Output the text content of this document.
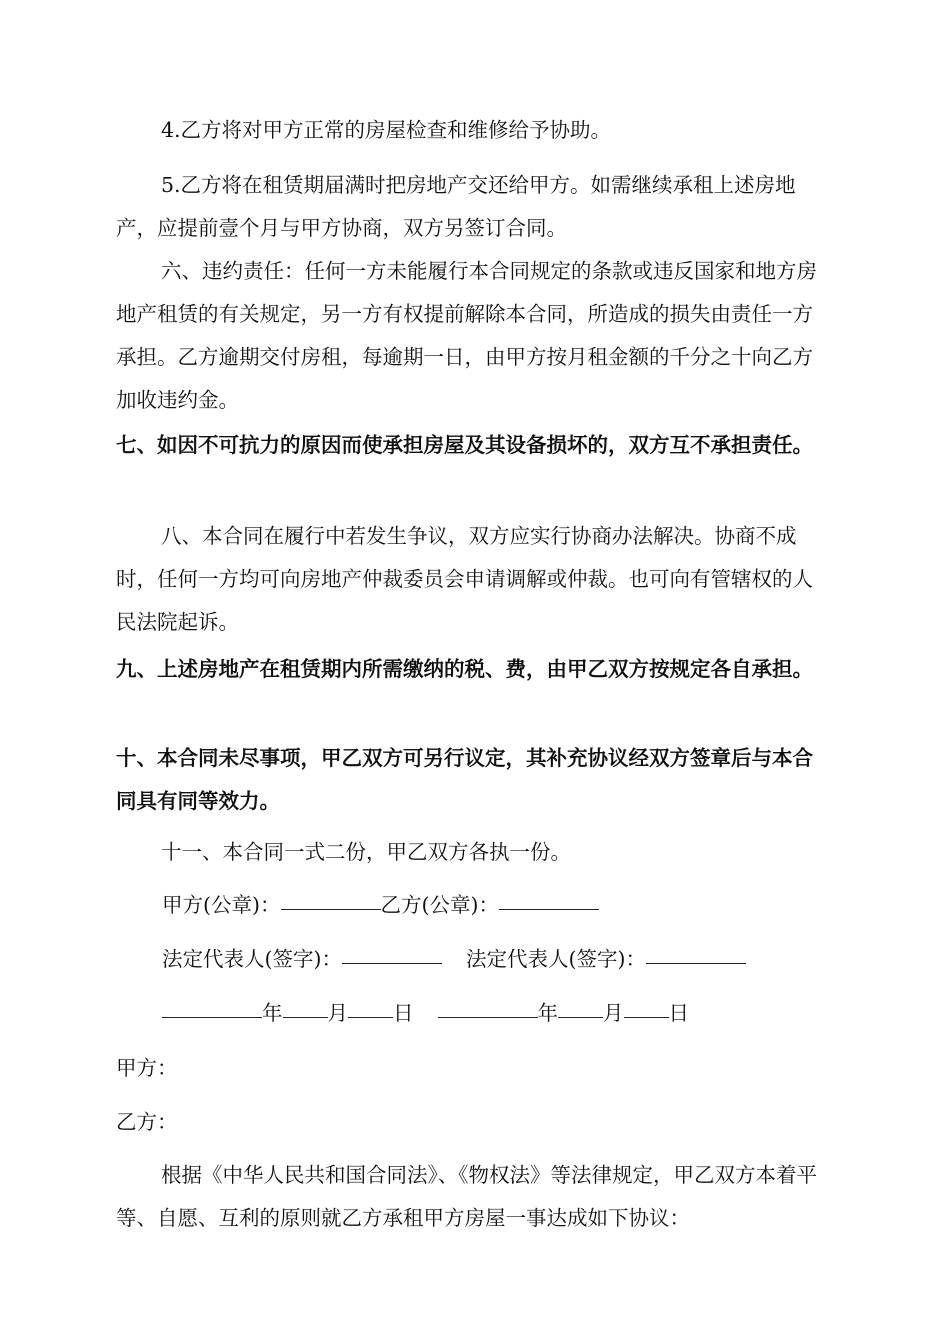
4.乙方将对甲方正常的房屋检查和维修给予协助。

5.乙方将在租赁期届满时把房地产交还给甲方。如需继续承租上述房地产，应提前壹个月与甲方协商，双方另签订合同。

六、违约责任：任何一方未能履行本合同规定的条款或违反国家和地方房地产租赁的有关规定，另一方有权提前解除本合同，所造成的损失由责任一方承担。乙方逾期交付房租，每逾期一日，由甲方按月租金额的千分之十向乙方加收违约金。

七、如因不可抗力的原因而使承担房屋及其设备损坏的，双方互不承担责任。

八、本合同在履行中若发生争议，双方应实行协商办法解决。协商不成时，任何一方均可向房地产仲裁委员会申请调解或仲裁。也可向有管辖权的人民法院起诉。

九、上述房地产在租赁期内所需缴纳的税、费，由甲乙双方按规定各自承担。

十、本合同未尽事项，甲乙双方可另行议定，其补充协议经双方签章后与本合同具有同等效力。

十一、本合同一式二份，甲乙双方各执一份。

甲方(公章)：	乙方(公章)：
法定代表人(签字)：	法定代表人(签字)：
年 月 日	年 月 日

甲方：

乙方：

根据《中华人民共和国合同法》、《物权法》等法律规定，甲乙双方本着平等、自愿、互利的原则就乙方承租甲方房屋一事达成如下协议：
